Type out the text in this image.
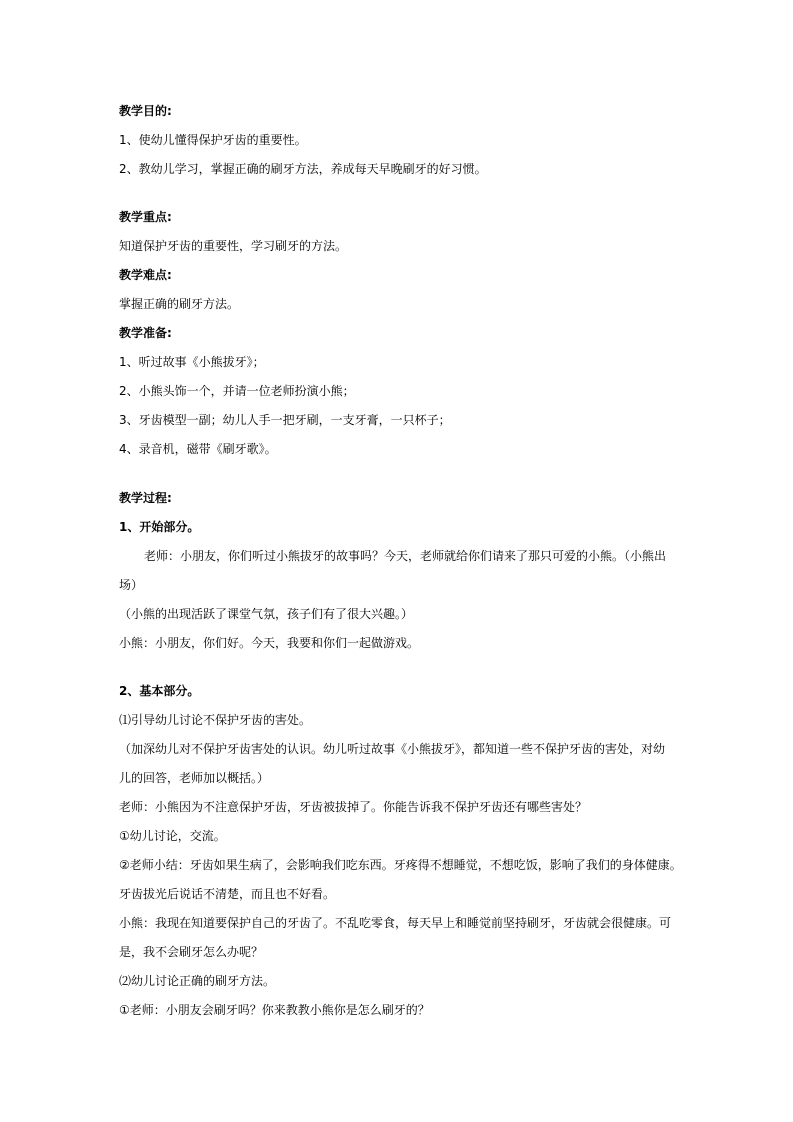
教学目的:
1、使幼儿懂得保护牙齿的重要性。
2、教幼儿学习，掌握正确的刷牙方法，养成每天早晚刷牙的好习惯。
教学重点:
知道保护牙齿的重要性，学习刷牙的方法。
教学难点:
掌握正确的刷牙方法。
教学准备:
1、听过故事《小熊拔牙》；
2、小熊头饰一个，并请一位老师扮演小熊；
3、牙齿模型一副；幼儿人手一把牙刷，一支牙膏，一只杯子；
4、录音机，磁带《刷牙歌》。
教学过程:
1、开始部分。
老师：小朋友，你们听过小熊拔牙的故事吗？今天，老师就给你们请来了那只可爱的小熊。（小熊出
场）
（小熊的出现活跃了课堂气氛，孩子们有了很大兴趣。）
小熊：小朋友，你们好。今天，我要和你们一起做游戏。
2、基本部分。
⑴引导幼儿讨论不保护牙齿的害处。
（加深幼儿对不保护牙齿害处的认识。幼儿听过故事《小熊拔牙》，都知道一些不保护牙齿的害处，对幼
儿的回答，老师加以概括。）
老师：小熊因为不注意保护牙齿，牙齿被拔掉了。你能告诉我不保护牙齿还有哪些害处？
①幼儿讨论，交流。
②老师小结：牙齿如果生病了，会影响我们吃东西。牙疼得不想睡觉，不想吃饭，影响了我们的身体健康。
牙齿拔光后说话不清楚，而且也不好看。
小熊：我现在知道要保护自己的牙齿了。不乱吃零食，每天早上和睡觉前坚持刷牙，牙齿就会很健康。可
是，我不会刷牙怎么办呢？
⑵幼儿讨论正确的刷牙方法。
①老师：小朋友会刷牙吗？你来教教小熊你是怎么刷牙的？
